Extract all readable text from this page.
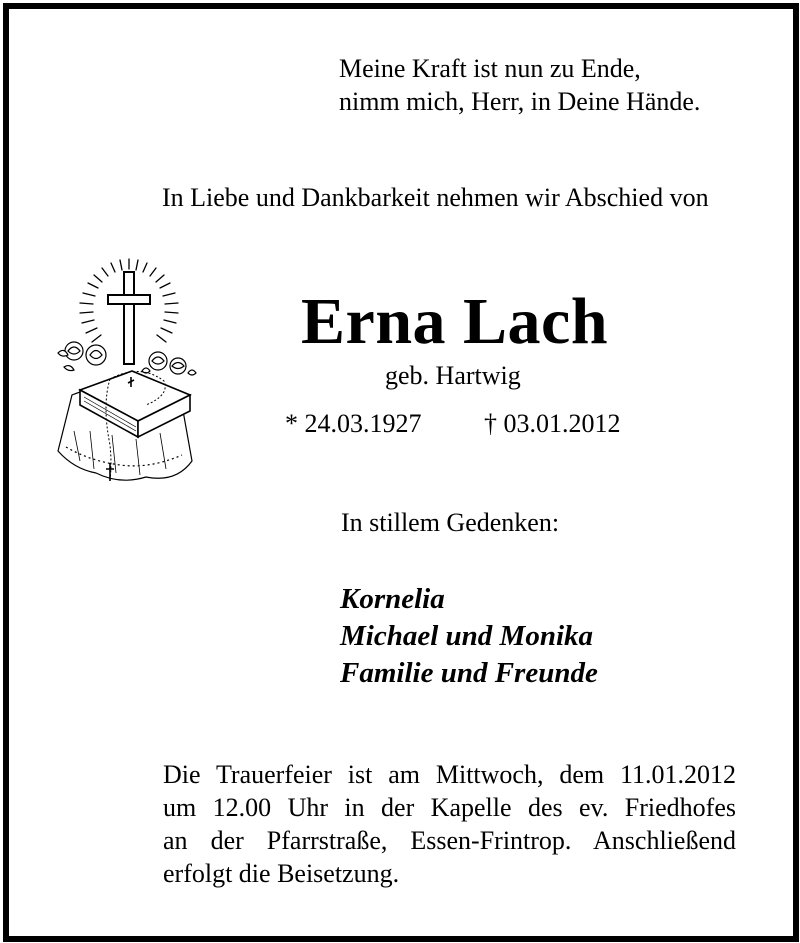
Meine Kraft ist nun zu Ende,
nimm mich, Herr, in Deine Hände.
In Liebe und Dankbarkeit nehmen wir Abschied von
Erna Lach
geb. Hartwig
* 24.03.1927 † 03.01.2012
In stillem Gedenken:
Kornelia
Michael und Monika
Familie und Freunde
Die Trauerfeier ist am Mittwoch, dem 11.01.2012
um 12.00 Uhr in der Kapelle des ev. Friedhofes
an der Pfarrstraße, Essen-Frintrop. Anschließend
erfolgt die Beisetzung.
